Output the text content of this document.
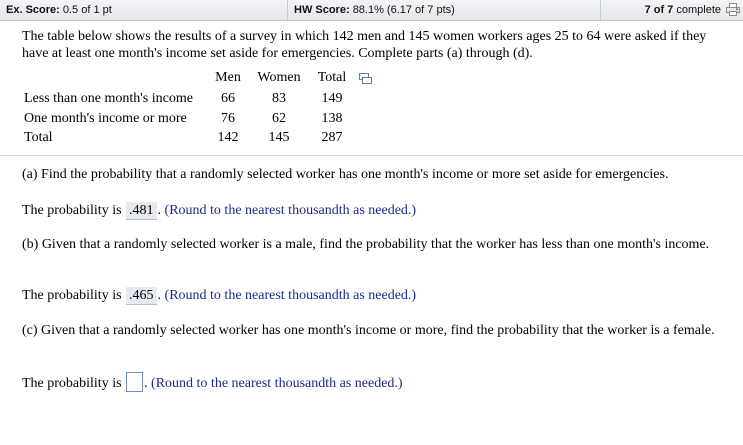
Ex. Score: 0.5 of 1 pt	HW Score: 88.1% (6.17 of 7 pts)	7 of 7 complete
The table below shows the results of a survey in which 142 men and 145 women workers ages 25 to 64 were asked if they have at least one month's income set aside for emergencies. Complete parts (a) through (d).
Men Women Total
Less than one month's income	66	83	149
One month's income or more	76	62	138
Total	142	145	287
(a) Find the probability that a randomly selected worker has one month's income or more set aside for emergencies.
The probability is .481 . (Round to the nearest thousandth as needed.)
(b) Given that a randomly selected worker is a male, find the probability that the worker has less than one month's income.
The probability is .465 . (Round to the nearest thousandth as needed.)
(c) Given that a randomly selected worker has one month's income or more, find the probability that the worker is a female.
The probability is . (Round to the nearest thousandth as needed.)
